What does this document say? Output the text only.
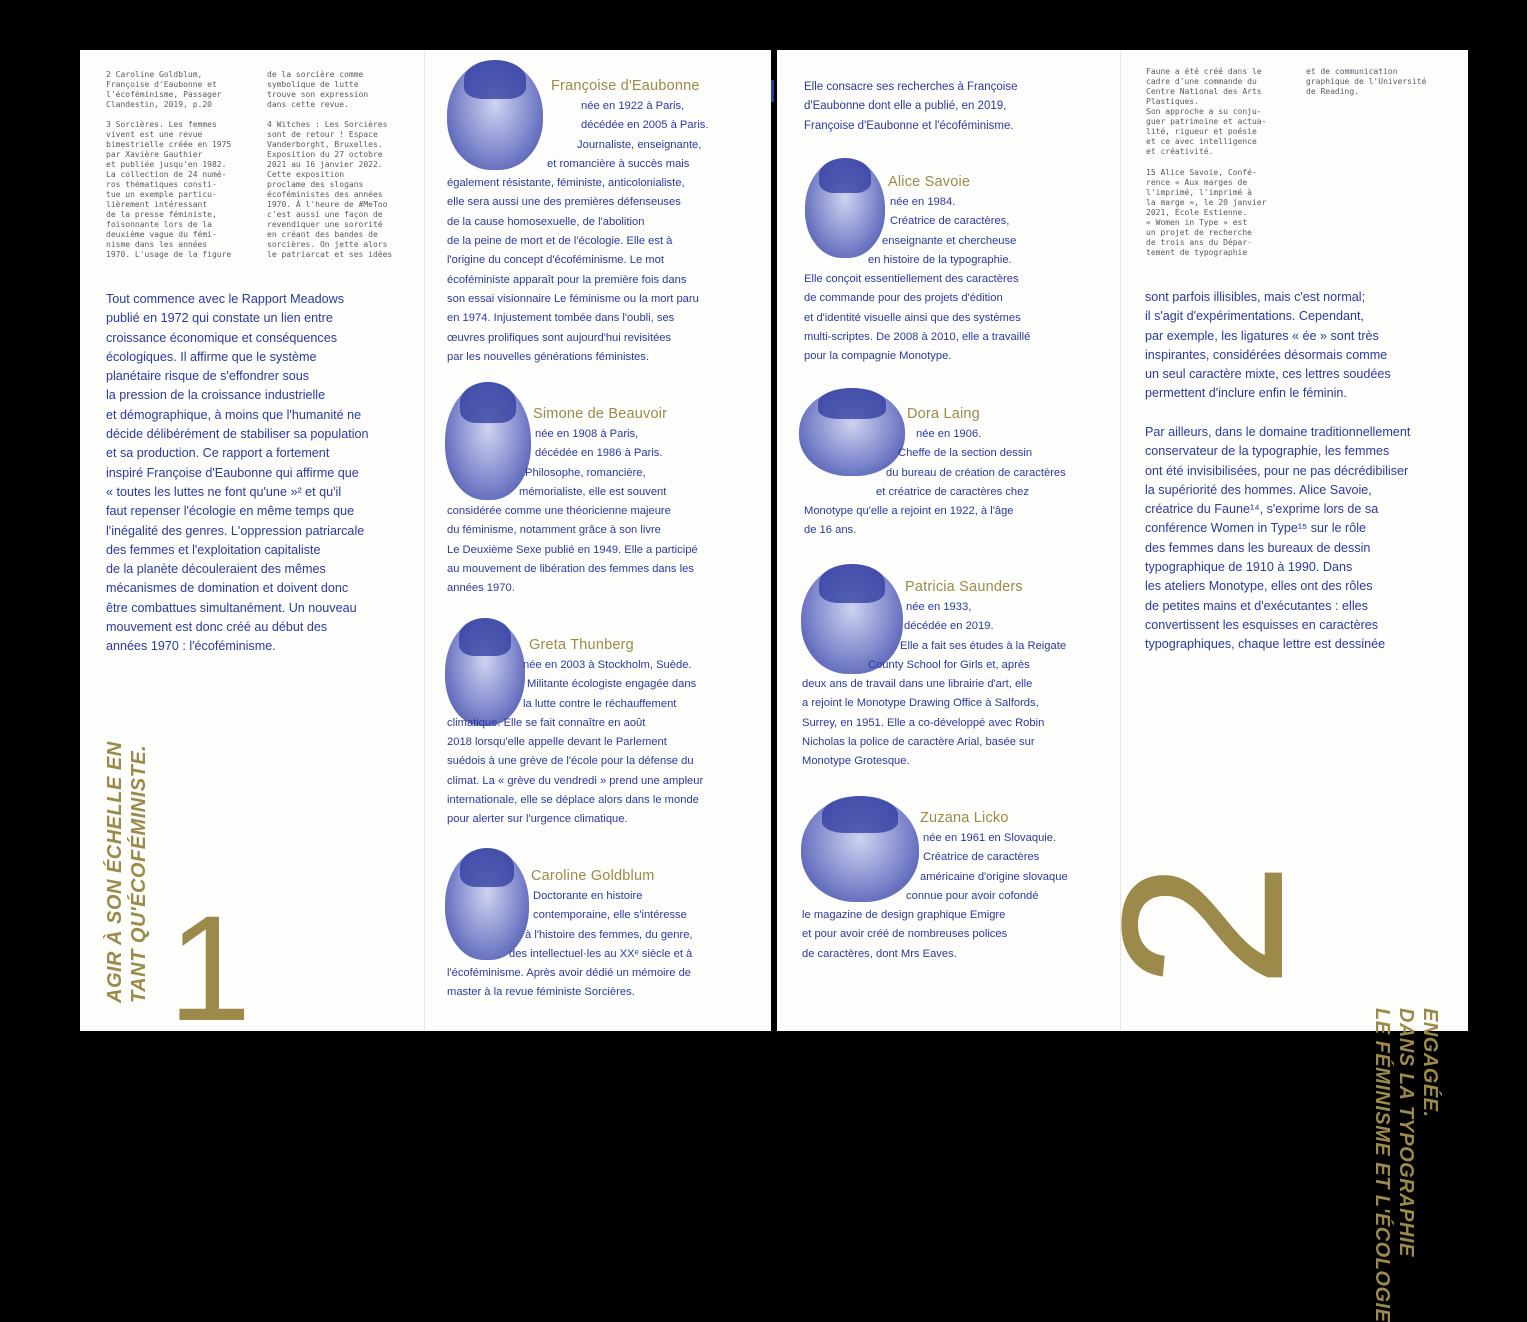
2 Caroline Goldblum,
Françoise d'Eaubonne et
l'écoféminisme, Passager
Clandestin, 2019, p.20
3 Sorcières. Les femmes
vivent est une revue
bimestrielle créée en 1975
par Xavière Gauthier
et publiée jusqu'en 1982.
La collection de 24 numé-
ros thématiques consti-
tue un exemple particu-
lièrement intéressant
de la presse féministe,
foisonnante lors de la
deuxième vague du fémi-
nisme dans les années
1970. L'usage de la figure
de la sorcière comme
symbolique de lutte
trouve son expression
dans cette revue.
4 Witches : Les Sorcières
sont de retour ! Espace
Vanderborght, Bruxelles.
Exposition du 27 octobre
2021 au 16 janvier 2022.
Cette exposition
proclame des slogans
écoféministes des années
1970. À l'heure de #MeToo
c'est aussi une façon de
revendiquer une sororité
en créant des bandes de
sorcières. On jette alors
le patriarcat et ses idées
Tout commence avec le Rapport Meadows
publié en 1972 qui constate un lien entre
croissance économique et conséquences
écologiques. Il affirme que le système
planétaire risque de s'effondrer sous
la pression de la croissance industrielle
et démographique, à moins que l'humanité ne
décide délibérément de stabiliser sa population
et sa production. Ce rapport a fortement
inspiré Françoise d'Eaubonne qui affirme que
« toutes les luttes ne font qu'une »² et qu'il
faut repenser l'écologie en même temps que
l'inégalité des genres. L'oppression patriarcale
des femmes et l'exploitation capitaliste
de la planète découleraient des mêmes
mécanismes de domination et doivent donc
être combattues simultanément. Un nouveau
mouvement est donc créé au début des
années 1970 : l'écoféminisme.
1
AGIR À SON ÉCHELLE EN TANT QU'ÉCOFÉMINISTE.
Françoise d'Eaubonne
née en 1922 à Paris,
décédée en 2005 à Paris.
Journaliste, enseignante,
et romancière à succès mais
également résistante, féministe, anticolonialiste,
elle sera aussi une des premières défenseuses
de la cause homosexuelle, de l'abolition
de la peine de mort et de l'écologie. Elle est à
l'origine du concept d'écoféminisme. Le mot
écoféministe apparaît pour la première fois dans
son essai visionnaire Le féminisme ou la mort paru
en 1974. Injustement tombée dans l'oubli, ses
œuvres prolifiques sont aujourd'hui revisitées
par les nouvelles générations féministes.
Simone de Beauvoir
née en 1908 à Paris,
décédée en 1986 à Paris.
Philosophe, romancière,
mémorialiste, elle est souvent
considérée comme une théoricienne majeure
du féminisme, notamment grâce à son livre
Le Deuxième Sexe publié en 1949. Elle a participé
au mouvement de libération des femmes dans les
années 1970.
Greta Thunberg
née en 2003 à Stockholm, Suède.
Militante écologiste engagée dans
la lutte contre le réchauffement
climatique. Elle se fait connaître en août
2018 lorsqu'elle appelle devant le Parlement
suédois à une grève de l'école pour la défense du
climat. La « grève du vendredi » prend une ampleur
internationale, elle se déplace alors dans le monde
pour alerter sur l'urgence climatique.
Caroline Goldblum
Doctorante en histoire
contemporaine, elle s'intéresse
à l'histoire des femmes, du genre,
des intellectuel·les au XXᵉ siècle et à
l'écoféminisme. Après avoir dédié un mémoire de
master à la revue féministe Sorcières.
Elle consacre ses recherches à Françoise
d'Eaubonne dont elle a publié, en 2019,
Françoise d'Eaubonne et l'écoféminisme.
Alice Savoie
née en 1984.
Créatrice de caractères,
enseignante et chercheuse
en histoire de la typographie.
Elle conçoit essentiellement des caractères
de commande pour des projets d'édition
et d'identité visuelle ainsi que des systèmes
multi-scriptes. De 2008 à 2010, elle a travaillé
pour la compagnie Monotype.
Dora Laing
née en 1906.
Cheffe de la section dessin
du bureau de création de caractères
et créatrice de caractères chez
Monotype qu'elle a rejoint en 1922, à l'âge
de 16 ans.
Patricia Saunders
née en 1933,
décédée en 2019.
Elle a fait ses études à la Reigate
County School for Girls et, après
deux ans de travail dans une librairie d'art, elle
a rejoint le Monotype Drawing Office à Salfords,
Surrey, en 1951. Elle a co-développé avec Robin
Nicholas la police de caractère Arial, basée sur
Monotype Grotesque.
Zuzana Licko
née en 1961 en Slovaquie.
Créatrice de caractères
américaine d'origine slovaque
connue pour avoir cofondé
le magazine de design graphique Emigre
et pour avoir créé de nombreuses polices
de caractères, dont Mrs Eaves.
Faune a été créé dans le
cadre d'une commande du
Centre National des Arts
Plastiques.
Son approche a su conju-
guer patrimoine et actua-
lité, rigueur et poésie
et ce avec intelligence
et créativité.
et de communication
graphique de l'Université
de Reading.
15 Alice Savoie, Confé-
rence « Aux marges de
l'imprimé, l'imprimé à
la marge », le 20 janvier
2021, École Estienne.
« Women in Type » est
un projet de recherche
de trois ans du Dépar-
tement de typographie
sont parfois illisibles, mais c'est normal;
il s'agit d'expérimentations. Cependant,
par exemple, les ligatures « ée » sont très
inspirantes, considérées désormais comme
un seul caractère mixte, ces lettres soudées
permettent d'inclure enfin le féminin.
Par ailleurs, dans le domaine traditionnellement
conservateur de la typographie, les femmes
ont été invisibilisées, pour ne pas décrédibiliser
la supériorité des hommes. Alice Savoie,
créatrice du Faune¹⁴, s'exprime lors de sa
conférence Women in Type¹⁵ sur le rôle
des femmes dans les bureaux de dessin
typographique de 1910 à 1990. Dans
les ateliers Monotype, elles ont des rôles
de petites mains et d'exécutantes : elles
convertissent les esquisses en caractères
typographiques, chaque lettre est dessinée
2
LE FÉMINISME ET L'ÉCOLOGIE DANS LA TYPOGRAPHIE ENGAGÉE.
